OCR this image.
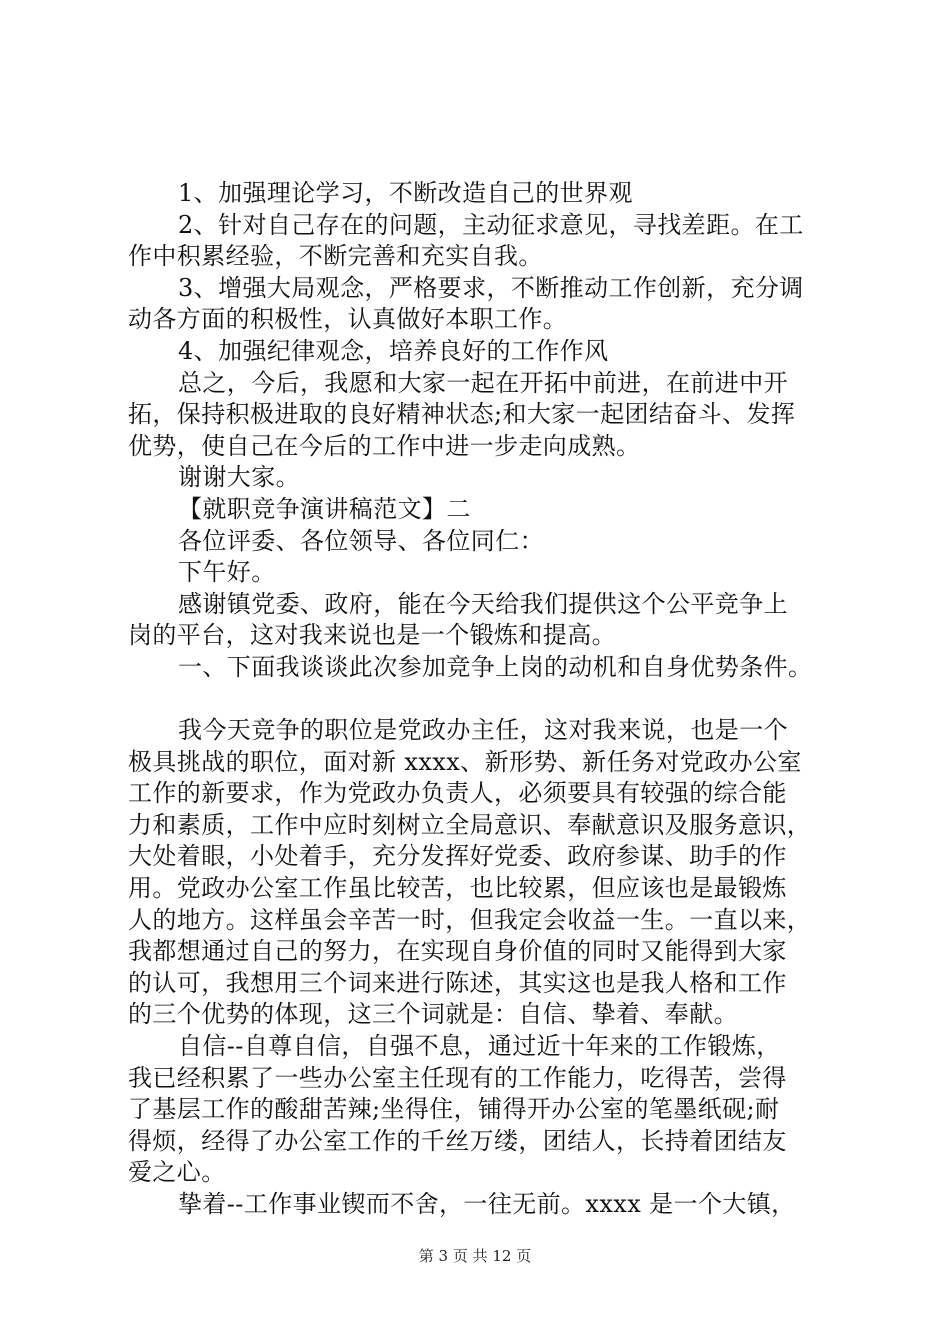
1、加强理论学习，不断改造自己的世界观
2、针对自己存在的问题，主动征求意见，寻找差距。在工
作中积累经验，不断完善和充实自我。
3、增强大局观念，严格要求，不断推动工作创新，充分调
动各方面的积极性，认真做好本职工作。
4、加强纪律观念，培养良好的工作作风
总之，今后，我愿和大家一起在开拓中前进，在前进中开
拓，保持积极进取的良好精神状态;和大家一起团结奋斗、发挥
优势，使自己在今后的工作中进一步走向成熟。
谢谢大家。
【就职竞争演讲稿范文】二
各位评委、各位领导、各位同仁：
下午好。
感谢镇党委、政府，能在今天给我们提供这个公平竞争上
岗的平台，这对我来说也是一个锻炼和提高。
一、下面我谈谈此次参加竞争上岗的动机和自身优势条件。
我今天竞争的职位是党政办主任，这对我来说，也是一个
极具挑战的职位，面对新 xxxx、新形势、新任务对党政办公室
工作的新要求，作为党政办负责人，必须要具有较强的综合能
力和素质，工作中应时刻树立全局意识、奉献意识及服务意识，
大处着眼，小处着手，充分发挥好党委、政府参谋、助手的作
用。党政办公室工作虽比较苦，也比较累，但应该也是最锻炼
人的地方。这样虽会辛苦一时，但我定会收益一生。一直以来，
我都想通过自己的努力，在实现自身价值的同时又能得到大家
的认可，我想用三个词来进行陈述，其实这也是我人格和工作
的三个优势的体现，这三个词就是：自信、挚着、奉献。
自信--自尊自信，自强不息，通过近十年来的工作锻炼，
我已经积累了一些办公室主任现有的工作能力，吃得苦，尝得
了基层工作的酸甜苦辣;坐得住，铺得开办公室的笔墨纸砚;耐
得烦，经得了办公室工作的千丝万缕，团结人，长持着团结友
爱之心。
挚着--工作事业锲而不舍，一往无前。xxxx 是一个大镇，
第 3 页 共 12 页
